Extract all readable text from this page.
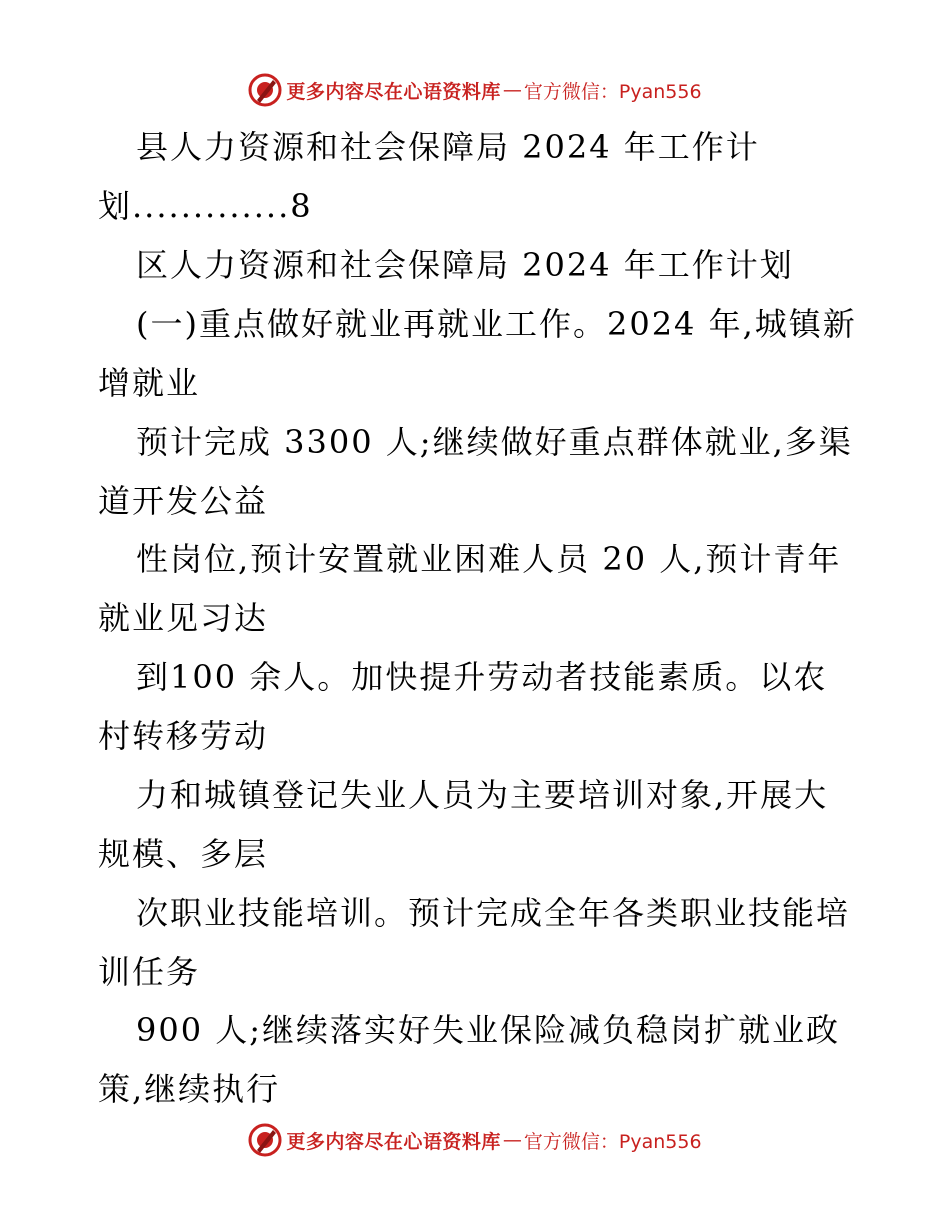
更多内容尽在心语资料库 — 官方微信：Pyan556
县人力资源和社会保障局 2024 年工作计
划.............8
区人力资源和社会保障局 2024 年工作计划
(一)重点做好就业再就业工作。2024 年,城镇新
增就业
预计完成 3300 人;继续做好重点群体就业,多渠
道开发公益
性岗位,预计安置就业困难人员 20 人,预计青年
就业见习达
到100 余人。加快提升劳动者技能素质。以农
村转移劳动
力和城镇登记失业人员为主要培训对象,开展大
规模、多层
次职业技能培训。预计完成全年各类职业技能培
训任务
900 人;继续落实好失业保险减负稳岗扩就业政
策,继续执行
更多内容尽在心语资料库 — 官方微信：Pyan556
